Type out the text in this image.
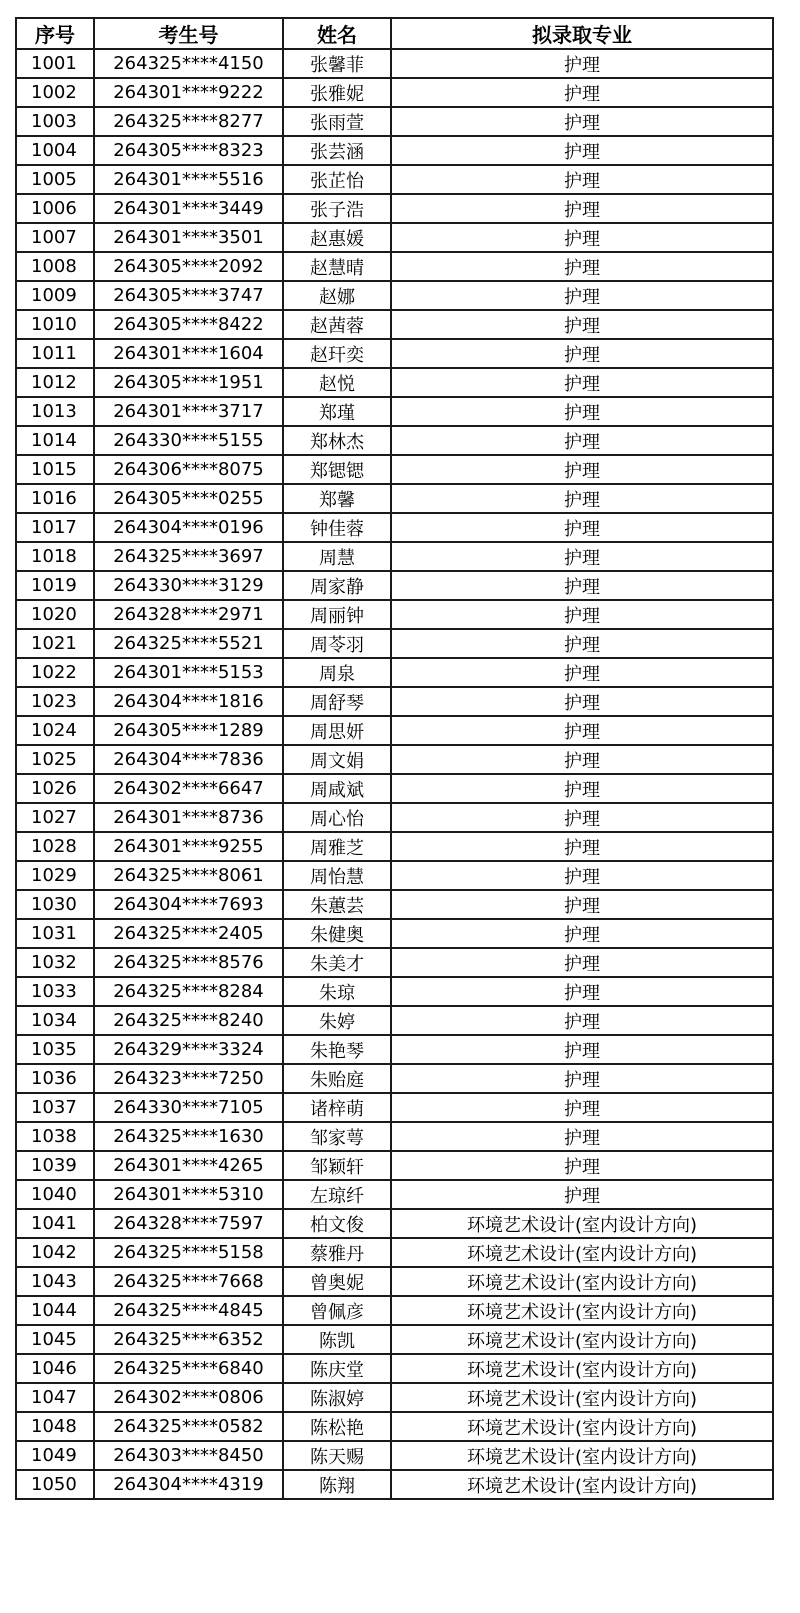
序号	考生号	姓名	拟录取专业
1001	264325****4150	张馨菲	护理
1002	264301****9222	张雅妮	护理
1003	264325****8277	张雨萱	护理
1004	264305****8323	张芸涵	护理
1005	264301****5516	张芷怡	护理
1006	264301****3449	张子浩	护理
1007	264301****3501	赵惠媛	护理
1008	264305****2092	赵慧晴	护理
1009	264305****3747	赵娜	护理
1010	264305****8422	赵茜蓉	护理
1011	264301****1604	赵玕奕	护理
1012	264305****1951	赵悦	护理
1013	264301****3717	郑瑾	护理
1014	264330****5155	郑林杰	护理
1015	264306****8075	郑锶锶	护理
1016	264305****0255	郑馨	护理
1017	264304****0196	钟佳蓉	护理
1018	264325****3697	周慧	护理
1019	264330****3129	周家静	护理
1020	264328****2971	周丽钟	护理
1021	264325****5521	周苓羽	护理
1022	264301****5153	周泉	护理
1023	264304****1816	周舒琴	护理
1024	264305****1289	周思妍	护理
1025	264304****7836	周文娟	护理
1026	264302****6647	周咸斌	护理
1027	264301****8736	周心怡	护理
1028	264301****9255	周雅芝	护理
1029	264325****8061	周怡慧	护理
1030	264304****7693	朱蕙芸	护理
1031	264325****2405	朱健奥	护理
1032	264325****8576	朱美才	护理
1033	264325****8284	朱琼	护理
1034	264325****8240	朱婷	护理
1035	264329****3324	朱艳琴	护理
1036	264323****7250	朱贻庭	护理
1037	264330****7105	诸梓萌	护理
1038	264325****1630	邹家萼	护理
1039	264301****4265	邹颖轩	护理
1040	264301****5310	左琼纤	护理
1041	264328****7597	柏文俊	环境艺术设计(室内设计方向)
1042	264325****5158	蔡雅丹	环境艺术设计(室内设计方向)
1043	264325****7668	曾奥妮	环境艺术设计(室内设计方向)
1044	264325****4845	曾佩彦	环境艺术设计(室内设计方向)
1045	264325****6352	陈凯	环境艺术设计(室内设计方向)
1046	264325****6840	陈庆堂	环境艺术设计(室内设计方向)
1047	264302****0806	陈淑婷	环境艺术设计(室内设计方向)
1048	264325****0582	陈松艳	环境艺术设计(室内设计方向)
1049	264303****8450	陈天赐	环境艺术设计(室内设计方向)
1050	264304****4319	陈翔	环境艺术设计(室内设计方向)
